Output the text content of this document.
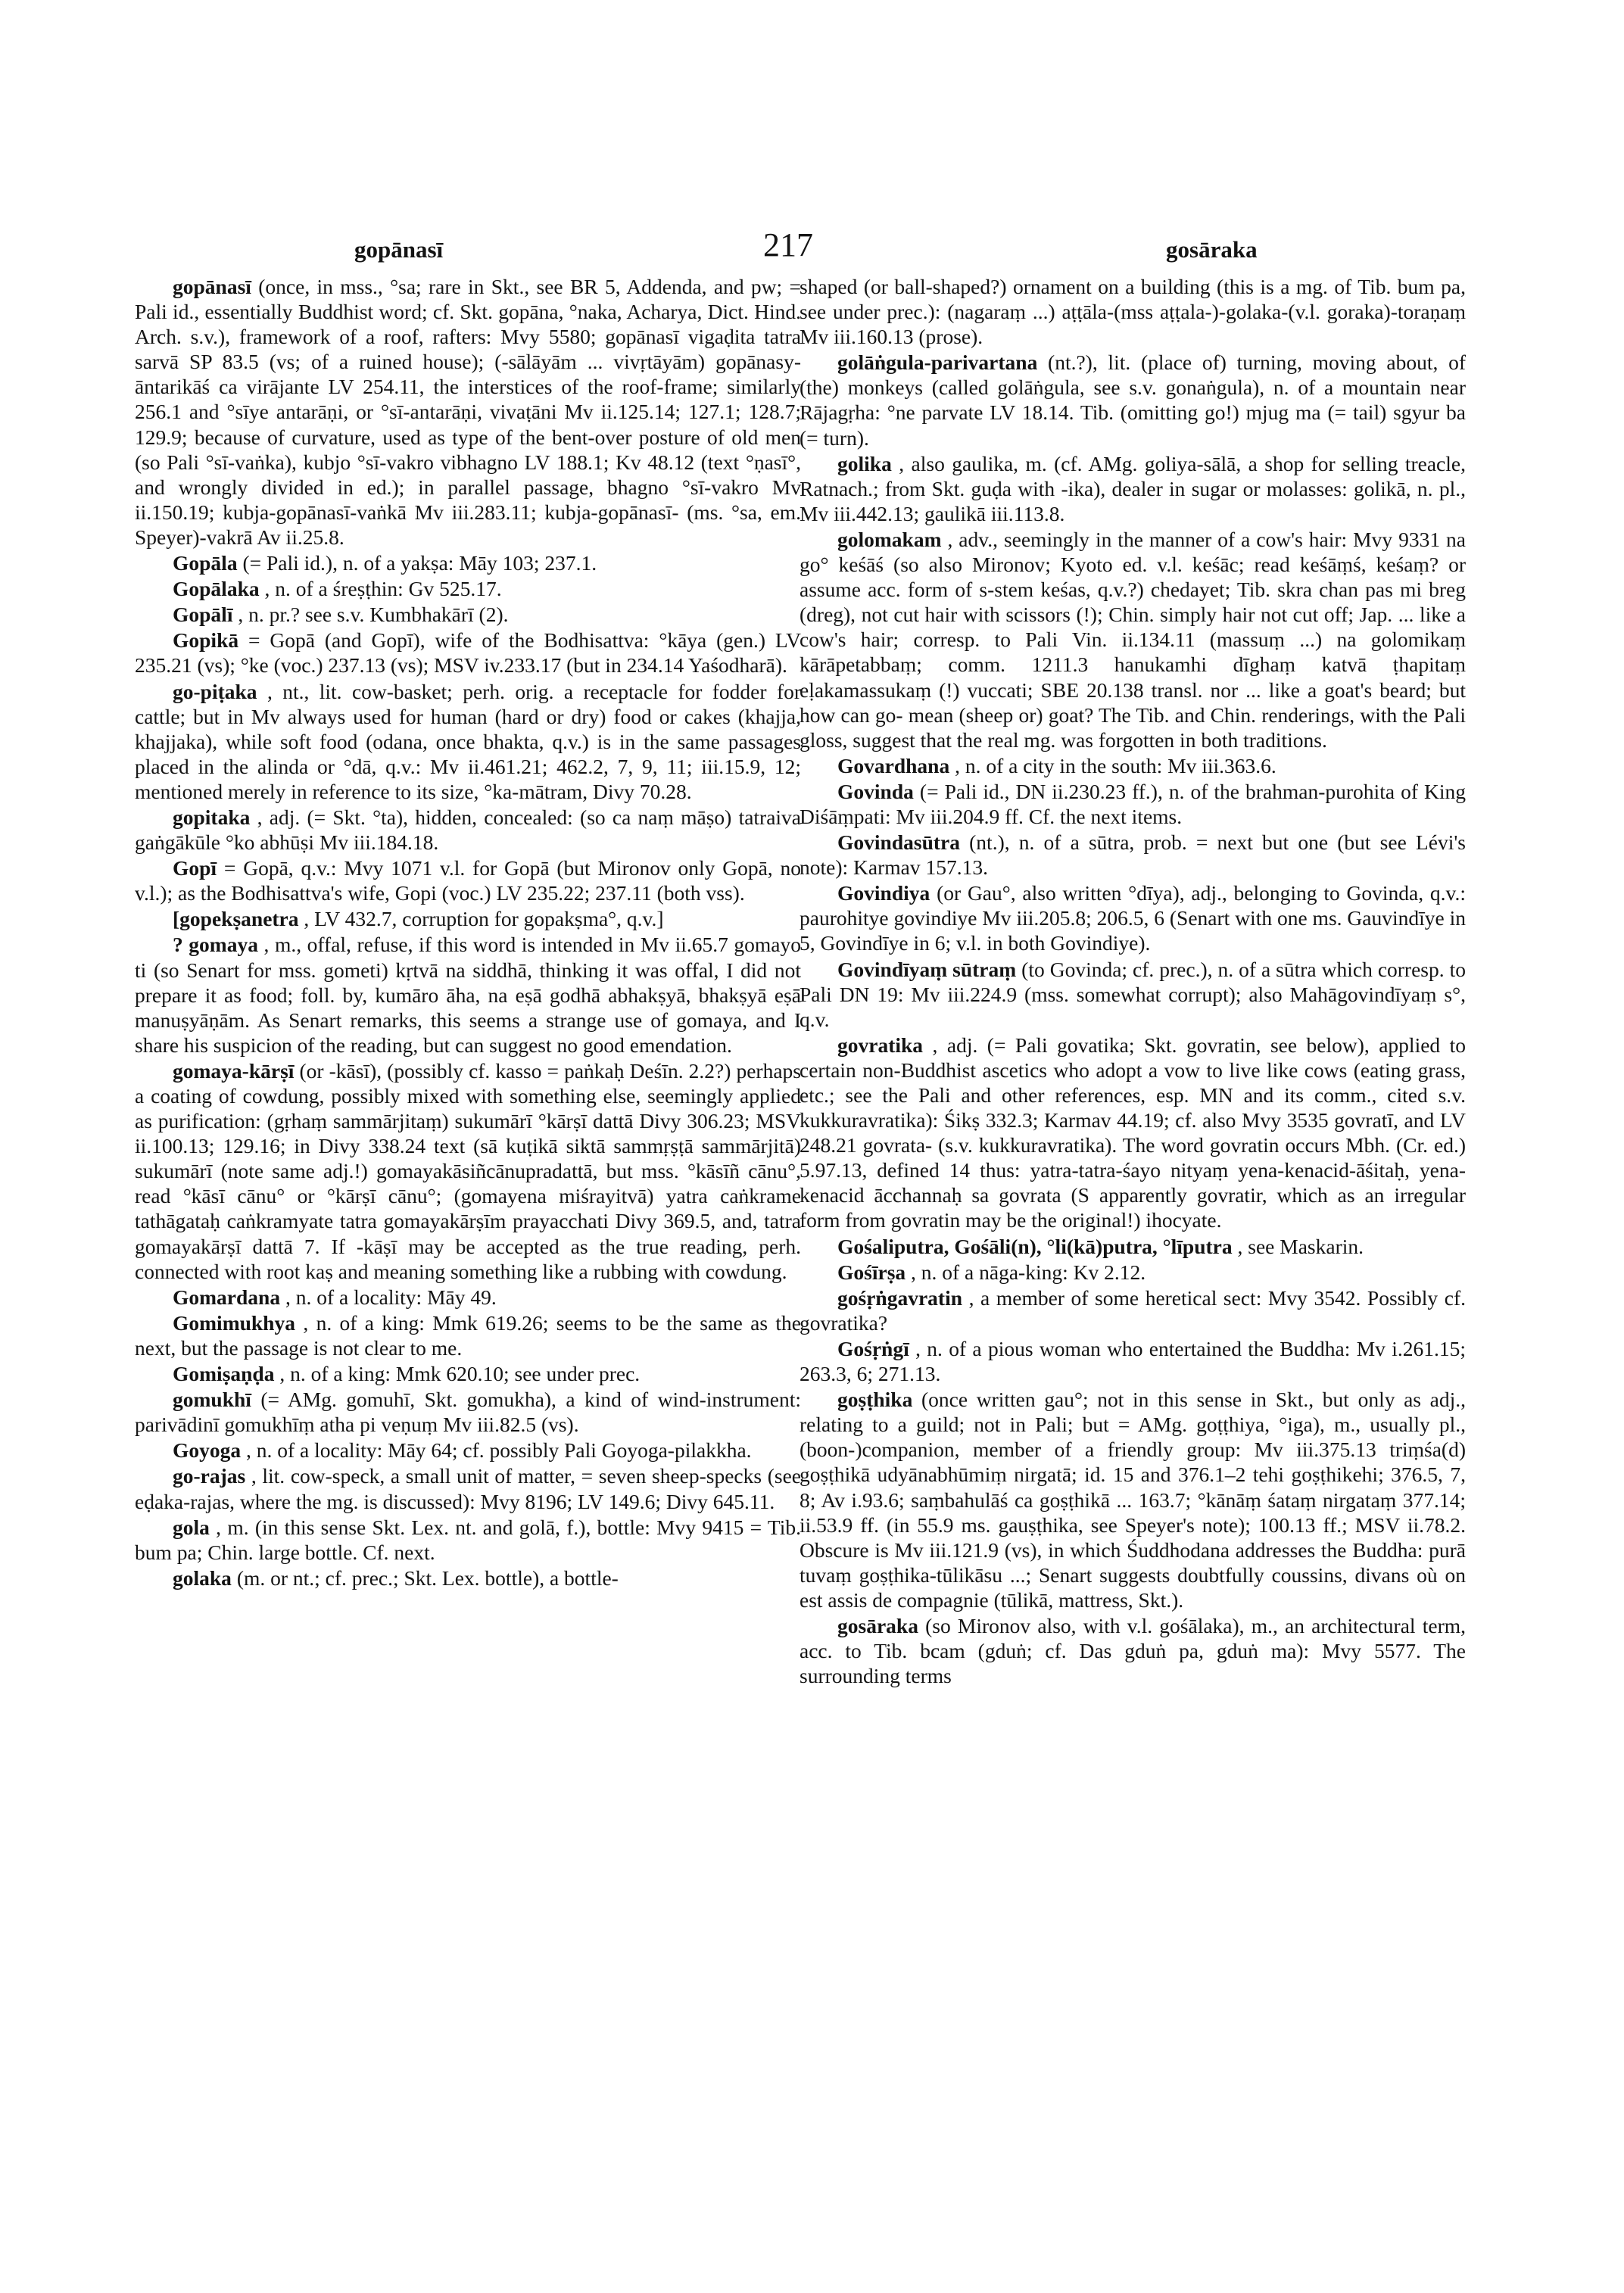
gopānasī	217	gosāraka

gopānasī (once, in mss., °sa; rare in Skt., see BR 5, Addenda, and pw; = Pali id., essentially Buddhist word; cf. Skt. gopāna, °naka, Acharya, Dict. Hind. Arch. s.v.), framework of a roof, rafters: Mvy 5580; gopānasī vigaḍita tatra sarvā SP 83.5 (vs; of a ruined house); (-sālāyām ... vivṛtāyām) gopānasy-āntarikāś ca virājante LV 254.11, the interstices of the roof-frame; similarly 256.1 and °sīye antarāṇi, or °sī-antarāṇi, vivaṭāni Mv ii.125.14; 127.1; 128.7; 129.9; because of curvature, used as type of the bent-over posture of old men (so Pali °sī-vaṅka), kubjo °sī-vakro vibhagno LV 188.1; Kv 48.12 (text °ṇasī°, and wrongly divided in ed.); in parallel passage, bhagno °sī-vakro Mv ii.150.19; kubja-gopānasī-vaṅkā Mv iii.283.11; kubja-gopānasī- (ms. °sa, em. Speyer)-vakrā Av ii.25.8.

Gopāla (= Pali id.), n. of a yakṣa: Māy 103; 237.1.

Gopālaka , n. of a śreṣṭhin: Gv 525.17.

Gopālī , n. pr.? see s.v. Kumbhakārī (2).

Gopikā = Gopā (and Gopī), wife of the Bodhisattva: °kāya (gen.) LV 235.21 (vs); °ke (voc.) 237.13 (vs); MSV iv.233.17 (but in 234.14 Yaśodharā).

go-piṭaka , nt., lit. cow-basket; perh. orig. a receptacle for fodder for cattle; but in Mv always used for human (hard or dry) food or cakes (khajja, khajjaka), while soft food (odana, once bhakta, q.v.) is in the same passages placed in the alinda or °dā, q.v.: Mv ii.461.21; 462.2, 7, 9, 11; iii.15.9, 12; mentioned merely in reference to its size, °ka-mātram, Divy 70.28.

gopitaka , adj. (= Skt. °ta), hidden, concealed: (so ca naṃ māṣo) tatraiva gaṅgākūle °ko abhūṣi Mv iii.184.18.

Gopī = Gopā, q.v.: Mvy 1071 v.l. for Gopā (but Mironov only Gopā, no v.l.); as the Bodhisattva's wife, Gopi (voc.) LV 235.22; 237.11 (both vss).

[gopekṣanetra , LV 432.7, corruption for gopakṣma°, q.v.]

? gomaya , m., offal, refuse, if this word is intended in Mv ii.65.7 gomayo ti (so Senart for mss. gometi) kṛtvā na siddhā, thinking it was offal, I did not prepare it as food; foll. by, kumāro āha, na eṣā godhā abhakṣyā, bhakṣyā eṣā manuṣyāṇām. As Senart remarks, this seems a strange use of gomaya, and I share his suspicion of the reading, but can suggest no good emendation.

gomaya-kārṣī (or -kāsī), (possibly cf. kasso = paṅkaḥ Deśīn. 2.2?) perhaps a coating of cowdung, possibly mixed with something else, seemingly applied as purification: (gṛhaṃ sammārjitaṃ) sukumārī °kārṣī dattā Divy 306.23; MSV ii.100.13; 129.16; in Divy 338.24 text (sā kuṭikā siktā sammṛṣṭā sammārjitā) sukumārī (note same adj.!) gomayakāsiñcānupradattā, but mss. °kāsīñ cānu°, read °kāsī cānu° or °kārṣī cānu°; (gomayena miśrayitvā) yatra caṅkrame tathāgataḥ caṅkramyate tatra gomayakārṣīm prayacchati Divy 369.5, and, tatra gomayakārṣī dattā 7. If -kāṣī may be accepted as the true reading, perh. connected with root kaṣ and meaning something like a rubbing with cowdung.

Gomardana , n. of a locality: Māy 49.

Gomimukhya , n. of a king: Mmk 619.26; seems to be the same as the next, but the passage is not clear to me.

Gomiṣaṇḍa , n. of a king: Mmk 620.10; see under prec.

gomukhī (= AMg. gomuhī, Skt. gomukha), a kind of wind-instrument: parivādinī gomukhīṃ atha pi veṇuṃ Mv iii.82.5 (vs).

Goyoga , n. of a locality: Māy 64; cf. possibly Pali Goyoga-pilakkha.

go-rajas , lit. cow-speck, a small unit of matter, = seven sheep-specks (see eḍaka-rajas, where the mg. is discussed): Mvy 8196; LV 149.6; Divy 645.11.

gola , m. (in this sense Skt. Lex. nt. and golā, f.), bottle: Mvy 9415 = Tib. bum pa; Chin. large bottle. Cf. next.

golaka (m. or nt.; cf. prec.; Skt. Lex. bottle), a bottle-

shaped (or ball-shaped?) ornament on a building (this is a mg. of Tib. bum pa, see under prec.): (nagaraṃ ...) aṭṭāla-(mss aṭṭala-)-golaka-(v.l. goraka)-toraṇaṃ Mv iii.160.13 (prose).

golāṅgula-parivartana (nt.?), lit. (place of) turning, moving about, of (the) monkeys (called golāṅgula, see s.v. gonaṅgula), n. of a mountain near Rājagṛha: °ne parvate LV 18.14. Tib. (omitting go!) mjug ma (= tail) sgyur ba (= turn).

golika , also gaulika, m. (cf. AMg. goliya-sālā, a shop for selling treacle, Ratnach.; from Skt. guḍa with -ika), dealer in sugar or molasses: golikā, n. pl., Mv iii.442.13; gaulikā iii.113.8.

golomakam , adv., seemingly in the manner of a cow's hair: Mvy 9331 na go° keśāś (so also Mironov; Kyoto ed. v.l. keśāc; read keśāṃś, keśaṃ? or assume acc. form of s-stem keśas, q.v.?) chedayet; Tib. skra chan pas mi breg (dreg), not cut hair with scissors (!); Chin. simply hair not cut off; Jap. ... like a cow's hair; corresp. to Pali Vin. ii.134.11 (massuṃ ...) na golomikaṃ kārāpetabbaṃ; comm. 1211.3 hanukamhi dīghaṃ katvā ṭhapitaṃ eḷakamassukaṃ (!) vuccati; SBE 20.138 transl. nor ... like a goat's beard; but how can go- mean (sheep or) goat? The Tib. and Chin. renderings, with the Pali gloss, suggest that the real mg. was forgotten in both traditions.

Govardhana , n. of a city in the south: Mv iii.363.6.

Govinda (= Pali id., DN ii.230.23 ff.), n. of the brahman-purohita of King Diśāṃpati: Mv iii.204.9 ff. Cf. the next items.

Govindasūtra (nt.), n. of a sūtra, prob. = next but one (but see Lévi's note): Karmav 157.13.

Govindiya (or Gau°, also written °dīya), adj., belonging to Govinda, q.v.: paurohitye govindiye Mv iii.205.8; 206.5, 6 (Senart with one ms. Gauvindīye in 5, Govindīye in 6; v.l. in both Govindiye).

Govindīyaṃ sūtraṃ (to Govinda; cf. prec.), n. of a sūtra which corresp. to Pali DN 19: Mv iii.224.9 (mss. somewhat corrupt); also Mahāgovindīyaṃ s°, q.v.

govratika , adj. (= Pali govatika; Skt. govratin, see below), applied to certain non-Buddhist ascetics who adopt a vow to live like cows (eating grass, etc.; see the Pali and other references, esp. MN and its comm., cited s.v. kukkuravratika): Śikṣ 332.3; Karmav 44.19; cf. also Mvy 3535 govratī, and LV 248.21 govrata- (s.v. kukkuravratika). The word govratin occurs Mbh. (Cr. ed.) 5.97.13, defined 14 thus: yatra-tatra-śayo nityaṃ yena-kenacid-āśitaḥ, yena-kenacid ācchannaḥ sa govrata (S apparently govratir, which as an irregular form from govratin may be the original!) ihocyate.

Gośaliputra, Gośāli(n), °li(kā)putra, °līputra , see Maskarin.

Gośīrṣa , n. of a nāga-king: Kv 2.12.

gośṛṅgavratin , a member of some heretical sect: Mvy 3542. Possibly cf. govratika?

Gośṛṅgī , n. of a pious woman who entertained the Buddha: Mv i.261.15; 263.3, 6; 271.13.

goṣṭhika (once written gau°; not in this sense in Skt., but only as adj., relating to a guild; not in Pali; but = AMg. goṭṭhiya, °iga), m., usually pl., (boon-)companion, member of a friendly group: Mv iii.375.13 triṃśa(d) goṣṭhikā udyānabhūmiṃ nirgatā; id. 15 and 376.1–2 tehi goṣṭhikehi; 376.5, 7, 8; Av i.93.6; saṃbahulāś ca goṣṭhikā ... 163.7; °kānāṃ śataṃ nirgataṃ 377.14; ii.53.9 ff. (in 55.9 ms. gauṣṭhika, see Speyer's note); 100.13 ff.; MSV ii.78.2. Obscure is Mv iii.121.9 (vs), in which Śuddhodana addresses the Buddha: purā tuvaṃ goṣṭhika-tūlikāsu ...; Senart suggests doubtfully coussins, divans où on est assis de compagnie (tūlikā, mattress, Skt.).

gosāraka (so Mironov also, with v.l. gośālaka), m., an architectural term, acc. to Tib. bcam (gduṅ; cf. Das gduṅ pa, gduṅ ma): Mvy 5577. The surrounding terms
